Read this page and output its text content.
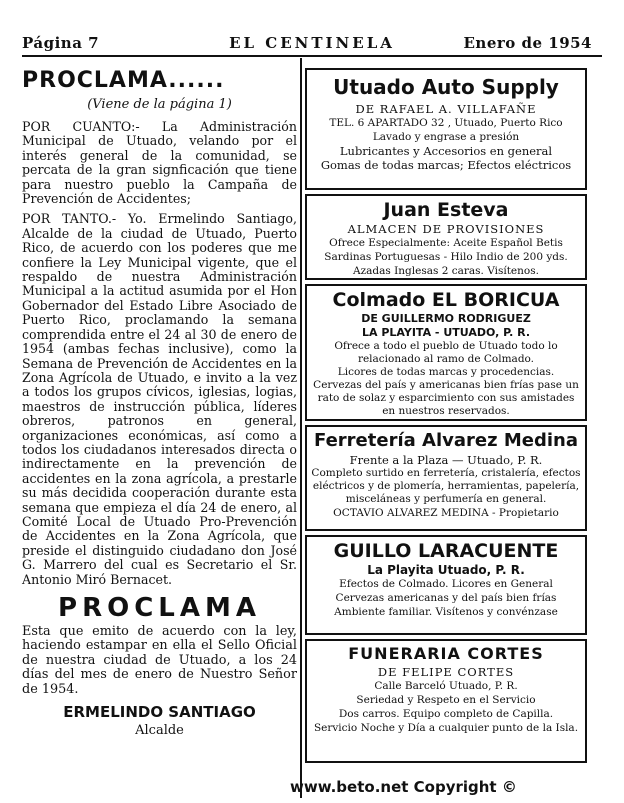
Página 7	EL CENTINELA	Enero de 1954
PROCLAMA......
(Viene de la página 1)
POR CUANTO:- La Administración Municipal de Utuado, velando por el interés general de la comunidad, se percata de la gran signficación que tiene para nuestro pueblo la Campaña de Prevención de Accidentes;
POR TANTO.- Yo. Ermelindo Santiago, Alcalde de la ciudad de Utuado, Puerto Rico, de acuerdo con los poderes que me confiere la Ley Municipal vigente, que el respaldo de nuestra Administración Municipal a la actitud asumida por el Hon Gobernador del Estado Libre Asociado de Puerto Rico, proclamando la semana comprendida entre el 24 al 30 de enero de 1954 (ambas fechas inclusive), como la Semana de Prevención de Accidentes en la Zona Agrícola de Utuado, e invito a la vez a todos los grupos cívicos, iglesias, logias, maestros de instrucción pública, líderes obreros, patronos en general, organizaciones económicas, así como a todos los ciudadanos interesados directa o indirectamente en la prevención de accidentes en la zona agrícola, a prestarle su más decidida cooperación durante esta semana que empieza el día 24 de enero, al Comité Local de Utuado Pro-Prevención de Accidentes en la Zona Agrícola, que preside el distinguido ciudadano don José G. Marrero del cual es Secretario el Sr. Antonio Miró Bernacet.
PROCLAMA
Esta que emito de acuerdo con la ley, haciendo estampar en ella el Sello Oficial de nuestra ciudad de Utuado, a los 24 días del mes de enero de Nuestro Señor de 1954.
ERMELINDO SANTIAGO
Alcalde
Utuado Auto Supply
DE RAFAEL A. VILLAFAÑE
TEL. 6 APARTADO 32 , Utuado, Puerto Rico
Lavado y engrase a presión
Lubricantes y Accesorios en general
Gomas de todas marcas; Efectos eléctricos
Juan Esteva
ALMACEN DE PROVISIONES
Ofrece Especialmente: Aceite Español Betis
Sardinas Portuguesas - Hilo Indio de 200 yds.
Azadas Inglesas 2 caras. Visítenos.
Colmado EL BORICUA
DE GUILLERMO RODRIGUEZ
LA PLAYITA - UTUADO, P. R.
Ofrece a todo el pueblo de Utuado todo lo relacionado al ramo de Colmado.
Licores de todas marcas y procedencias.
Cervezas del país y americanas bien frías pase un rato de solaz y esparcimiento con sus amistades en nuestros reservados.
Ferretería Alvarez Medina
Frente a la Plaza — Utuado, P. R.
Completo surtido en ferretería, cristalería, efectos eléctricos y de plomería, herramientas, papelería, misceláneas y perfumería en general.
OCTAVIO ALVAREZ MEDINA - Propietario
GUILLO LARACUENTE
La Playita Utuado, P. R.
Efectos de Colmado. Licores en General
Cervezas americanas y del país bien frías
Ambiente familiar. Visítenos y convénzase
FUNERARIA CORTES
DE FELIPE CORTES
Calle Barceló Utuado, P. R.
Seriedad y Respeto en el Servicio
Dos carros. Equipo completo de Capilla.
Servicio Noche y Día a cualquier punto de la Isla.
www.beto.net Copyright ©
